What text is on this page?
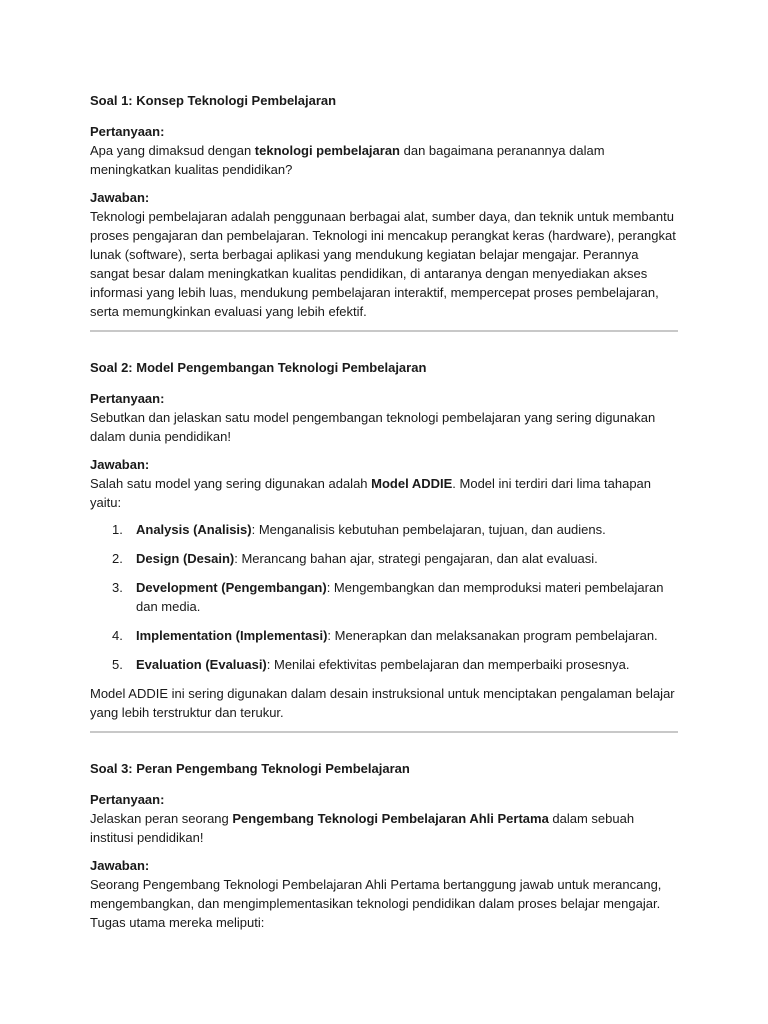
Soal 1: Konsep Teknologi Pembelajaran

Pertanyaan:

Apa yang dimaksud dengan teknologi pembelajaran dan bagaimana peranannya dalam meningkatkan kualitas pendidikan?

Jawaban:

Teknologi pembelajaran adalah penggunaan berbagai alat, sumber daya, dan teknik untuk membantu proses pengajaran dan pembelajaran. Teknologi ini mencakup perangkat keras (hardware), perangkat lunak (software), serta berbagai aplikasi yang mendukung kegiatan belajar mengajar. Perannya sangat besar dalam meningkatkan kualitas pendidikan, di antaranya dengan menyediakan akses informasi yang lebih luas, mendukung pembelajaran interaktif, mempercepat proses pembelajaran, serta memungkinkan evaluasi yang lebih efektif.

Soal 2: Model Pengembangan Teknologi Pembelajaran

Pertanyaan:

Sebutkan dan jelaskan satu model pengembangan teknologi pembelajaran yang sering digunakan dalam dunia pendidikan!

Jawaban:

Salah satu model yang sering digunakan adalah Model ADDIE. Model ini terdiri dari lima tahapan yaitu:

1. Analysis (Analisis): Menganalisis kebutuhan pembelajaran, tujuan, dan audiens.
2. Design (Desain): Merancang bahan ajar, strategi pengajaran, dan alat evaluasi.
3. Development (Pengembangan): Mengembangkan dan memproduksi materi pembelajaran dan media.
4. Implementation (Implementasi): Menerapkan dan melaksanakan program pembelajaran.
5. Evaluation (Evaluasi): Menilai efektivitas pembelajaran dan memperbaiki prosesnya.

Model ADDIE ini sering digunakan dalam desain instruksional untuk menciptakan pengalaman belajar yang lebih terstruktur dan terukur.

Soal 3: Peran Pengembang Teknologi Pembelajaran

Pertanyaan:

Jelaskan peran seorang Pengembang Teknologi Pembelajaran Ahli Pertama dalam sebuah institusi pendidikan!

Jawaban:

Seorang Pengembang Teknologi Pembelajaran Ahli Pertama bertanggung jawab untuk merancang, mengembangkan, dan mengimplementasikan teknologi pendidikan dalam proses belajar mengajar. Tugas utama mereka meliputi:
